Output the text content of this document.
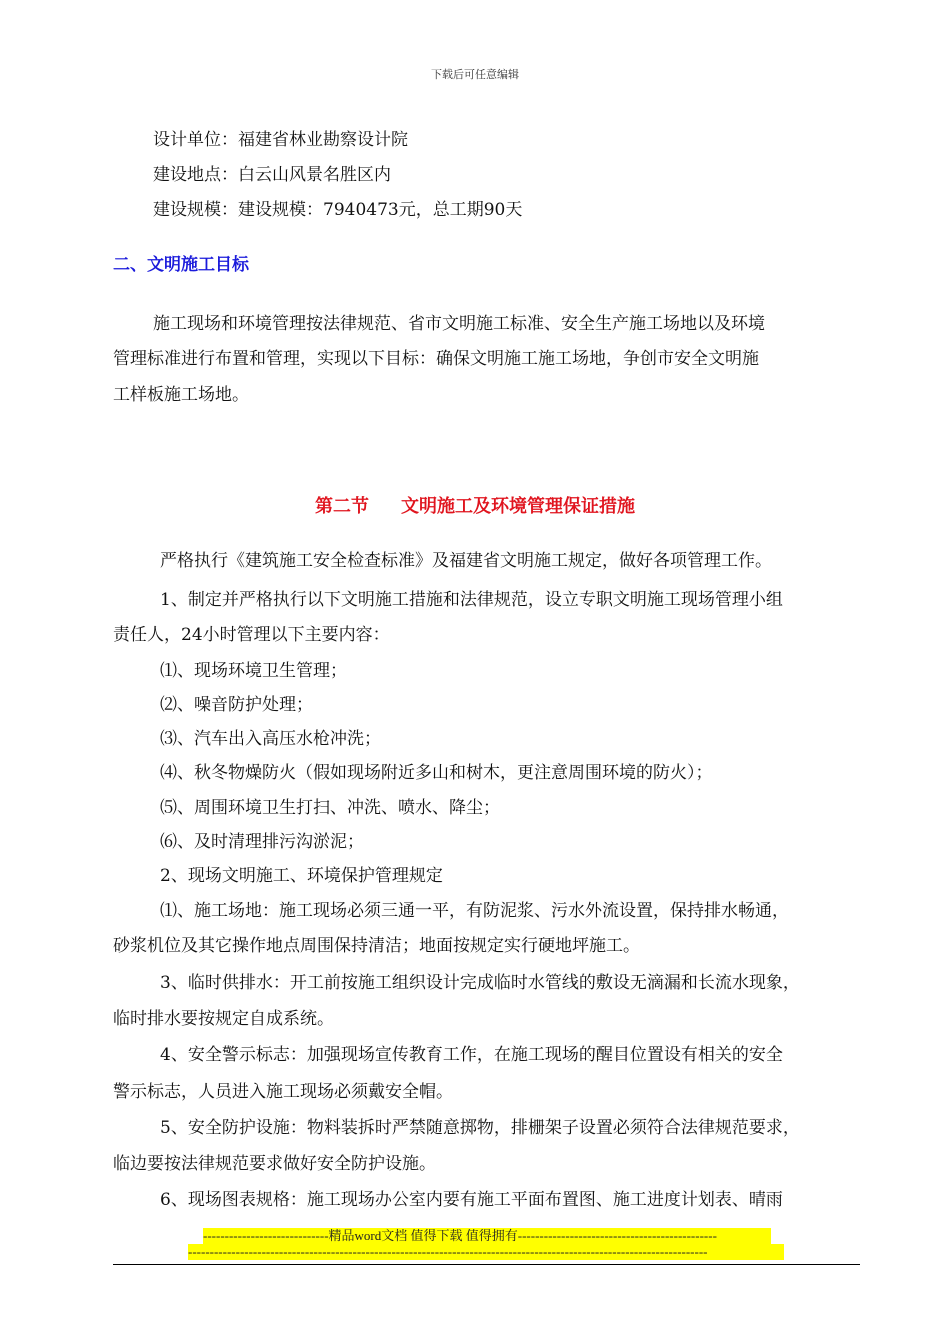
下载后可任意编辑
设计单位：福建省林业勘察设计院
建设地点：白云山风景名胜区内
建设规模：建设规模：7940473元，总工期90天
二、文明施工目标
施工现场和环境管理按法律规范、省市文明施工标准、安全生产施工场地以及环境
管理标准进行布置和管理，实现以下目标：确保文明施工施工场地，争创市安全文明施
工样板施工场地。
第二节 文明施工及环境管理保证措施
严格执行《建筑施工安全检查标准》及福建省文明施工规定，做好各项管理工作。
1、制定并严格执行以下文明施工措施和法律规范，设立专职文明施工现场管理小组
责任人，24小时管理以下主要内容：
⑴、现场环境卫生管理；
⑵、噪音防护处理；
⑶、汽车出入高压水枪冲洗；
⑷、秋冬物燥防火（假如现场附近多山和树木，更注意周围环境的防火）；
⑸、周围环境卫生打扫、冲洗、喷水、降尘；
⑹、及时清理排污沟淤泥；
2、现场文明施工、环境保护管理规定
⑴、施工场地：施工现场必须三通一平，有防泥浆、污水外流设置，保持排水畅通，
砂浆机位及其它操作地点周围保持清洁；地面按规定实行硬地坪施工。
3、临时供排水：开工前按施工组织设计完成临时水管线的敷设无滴漏和长流水现象，
临时排水要按规定自成系统。
4、安全警示标志：加强现场宣传教育工作，在施工现场的醒目位置设有相关的安全
警示标志，人员进入施工现场必须戴安全帽。
5、安全防护设施：物料装拆时严禁随意掷物，排栅架子设置必须符合法律规范要求，
临边要按法律规范要求做好安全防护设施。
6、现场图表规格：施工现场办公室内要有施工平面布置图、施工进度计划表、晴雨
-----------------------------精品word文档 值得下载 值得拥有----------------------------------------------
------------------------------------------------------------------------------------------------------------------------
